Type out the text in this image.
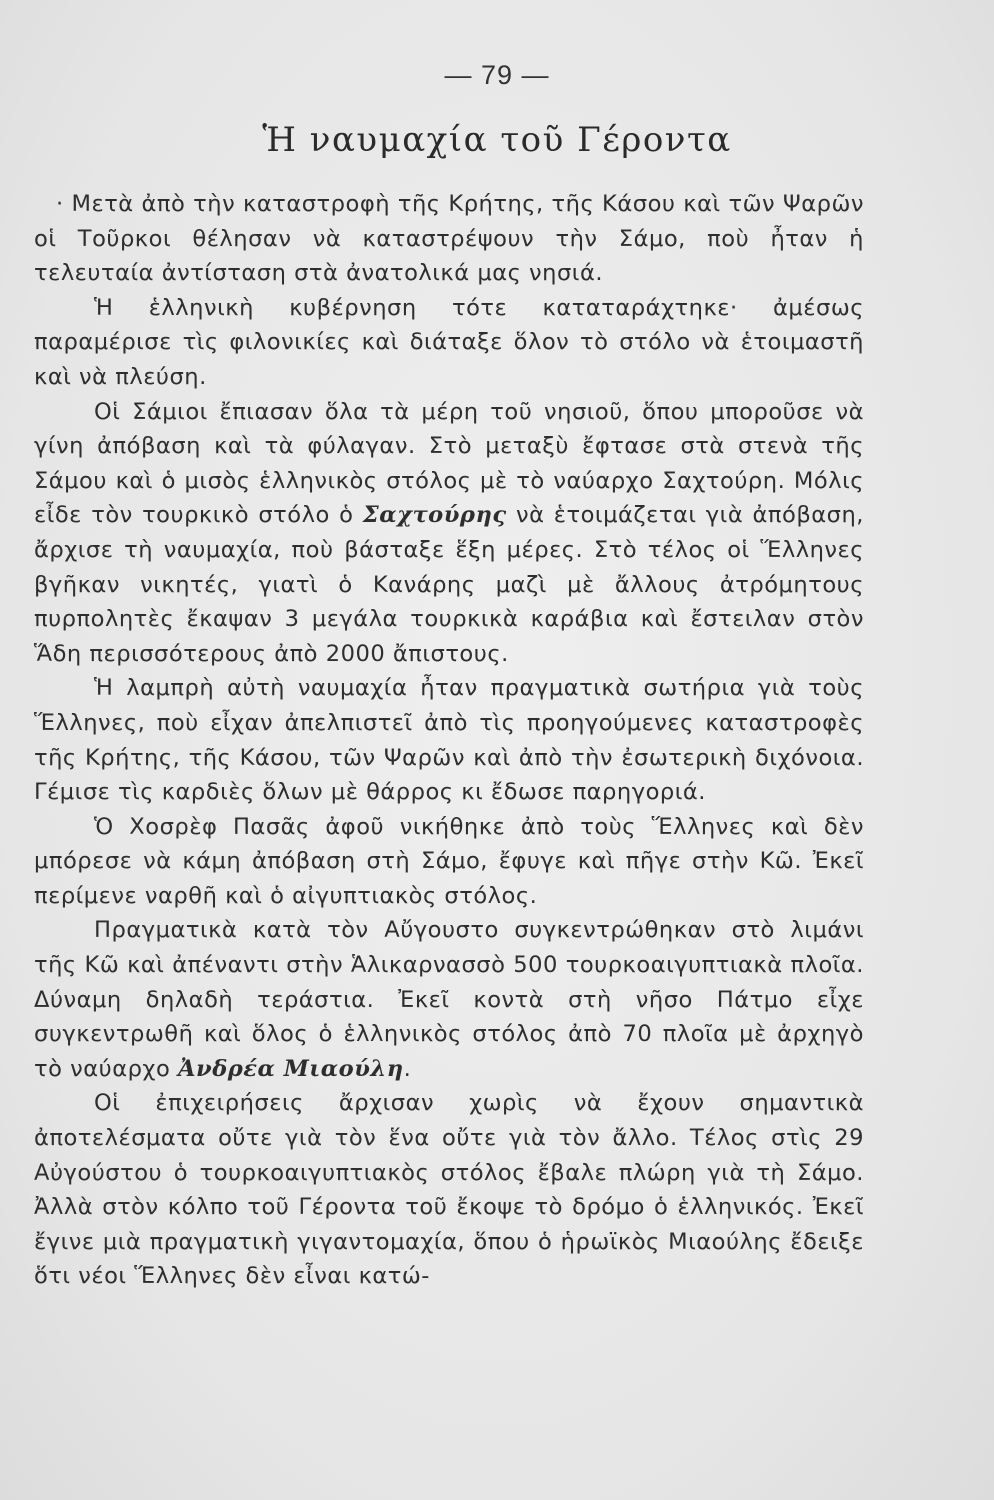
— 79 —
Ἡ ναυμαχία τοῦ Γέροντα

· Μετὰ ἀπὸ τὴν καταστροφὴ τῆς Κρήτης, τῆς Κάσου καὶ τῶν Ψαρῶν οἱ Τοῦρκοι θέλησαν νὰ καταστρέψουν τὴν Σάμο, ποὺ ἦταν ἡ τελευταία ἀντίσταση στὰ ἀνατολικά μας νησιά.

Ἡ ἑλληνικὴ κυβέρνηση τότε καταταράχτηκε· ἀμέσως παραμέρισε τὶς φιλονικίες καὶ διάταξε ὅλον τὸ στόλο νὰ ἑτοιμαστῆ καὶ νὰ πλεύση.

Οἱ Σάμιοι ἔπιασαν ὅλα τὰ μέρη τοῦ νησιοῦ, ὅπου μποροῦσε νὰ γίνη ἀπόβαση καὶ τὰ φύλαγαν. Στὸ μεταξὺ ἔφτασε στὰ στενὰ τῆς Σάμου καὶ ὁ μισὸς ἑλληνικὸς στόλος μὲ τὸ ναύαρχο Σαχτούρη. Μόλις εἶδε τὸν τουρκικὸ στόλο ὁ Σαχτούρης νὰ ἑτοιμάζεται γιὰ ἀπόβαση, ἄρχισε τὴ ναυμαχία, ποὺ βάσταξε ἕξη μέρες. Στὸ τέλος οἱ Ἕλληνες βγῆκαν νικητές, γιατὶ ὁ Κανάρης μαζὶ μὲ ἄλλους ἀτρόμητους πυρπολητὲς ἔκαψαν 3 μεγάλα τουρκικὰ καράβια καὶ ἔστειλαν στὸν Ἅδη περισσότερους ἀπὸ 2000 ἄπιστους.

Ἡ λαμπρὴ αὐτὴ ναυμαχία ἦταν πραγματικὰ σωτήρια γιὰ τοὺς Ἕλληνες, ποὺ εἶχαν ἀπελπιστεῖ ἀπὸ τὶς προηγούμενες καταστροφὲς τῆς Κρήτης, τῆς Κάσου, τῶν Ψαρῶν καὶ ἀπὸ τὴν ἐσωτερικὴ διχόνοια. Γέμισε τὶς καρδιὲς ὅλων μὲ θάρρος κι ἔδωσε παρηγοριά.

Ὁ Χοσρὲφ Πασᾶς ἀφοῦ νικήθηκε ἀπὸ τοὺς Ἕλληνες καὶ δὲν μπόρεσε νὰ κάμη ἀπόβαση στὴ Σάμο, ἔφυγε καὶ πῆγε στὴν Κῶ. Ἐκεῖ περίμενε ναρθῆ καὶ ὁ αἰγυπτιακὸς στόλος.

Πραγματικὰ κατὰ τὸν Αὔγουστο συγκεντρώθηκαν στὸ λιμάνι τῆς Κῶ καὶ ἀπέναντι στὴν Ἁλικαρνασσὸ 500 τουρκοαιγυπτιακὰ πλοῖα. Δύναμη δηλαδὴ τεράστια. Ἐκεῖ κοντὰ στὴ νῆσο Πάτμο εἶχε συγκεντρωθῆ καὶ ὅλος ὁ ἑλληνικὸς στόλος ἀπὸ 70 πλοῖα μὲ ἀρχηγὸ τὸ ναύαρχο Ἀνδρέα Μιαούλη.

Οἱ ἐπιχειρήσεις ἄρχισαν χωρὶς νὰ ἔχουν σημαντικὰ ἀποτελέσματα οὔτε γιὰ τὸν ἕνα οὔτε γιὰ τὸν ἄλλο. Τέλος στὶς 29 Αὐγούστου ὁ τουρκοαιγυπτιακὸς στόλος ἔβαλε πλώρη γιὰ τὴ Σάμο. Ἀλλὰ στὸν κόλπο τοῦ Γέροντα τοῦ ἔκοψε τὸ δρόμο ὁ ἑλληνικός. Ἐκεῖ ἔγινε μιὰ πραγματικὴ γιγαντομαχία, ὅπου ὁ ἡρωϊκὸς Μιαούλης ἔδειξε ὅτι νέοι Ἕλληνες δὲν εἶναι κατώ-
